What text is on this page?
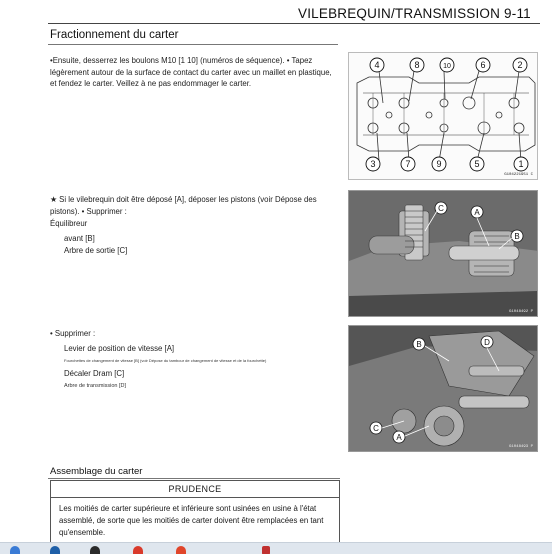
VILEBREQUIN/TRANSMISSION 9-11
Fractionnement du carter
•Ensuite, desserrez les boulons M10 [1 10] (numéros de séquence). • Tapez légèrement autour de la surface de contact du carter avec un maillet en plastique, et fendez le carter. Veillez à ne pas endommager le carter.
4	8	10	6	2
3	7	9	5	1
G104221951 C
★ Si le vilebrequin doit être déposé [A], déposer les pistons (voir Dépose des pistons). • Supprimer :
Équilibreur
avant [B]
Arbre de sortie [C]
C	A
B
G1048492 P
• Supprimer :
Levier de position de vitesse [A]
Fourchettes de changement de vitesse [B] (voir Dépose du tambour de changement de vitesse et de la fourchette)
Décaler Dram [C]
Arbre de transmission [D]
B	D
C
A
G1048493 P
Assemblage du carter
PRUDENCE
Les moitiés de carter supérieure et inférieure sont usinées en usine à l'état assemblé, de sorte que les moitiés de carter doivent être remplacées en tant qu'ensemble.
